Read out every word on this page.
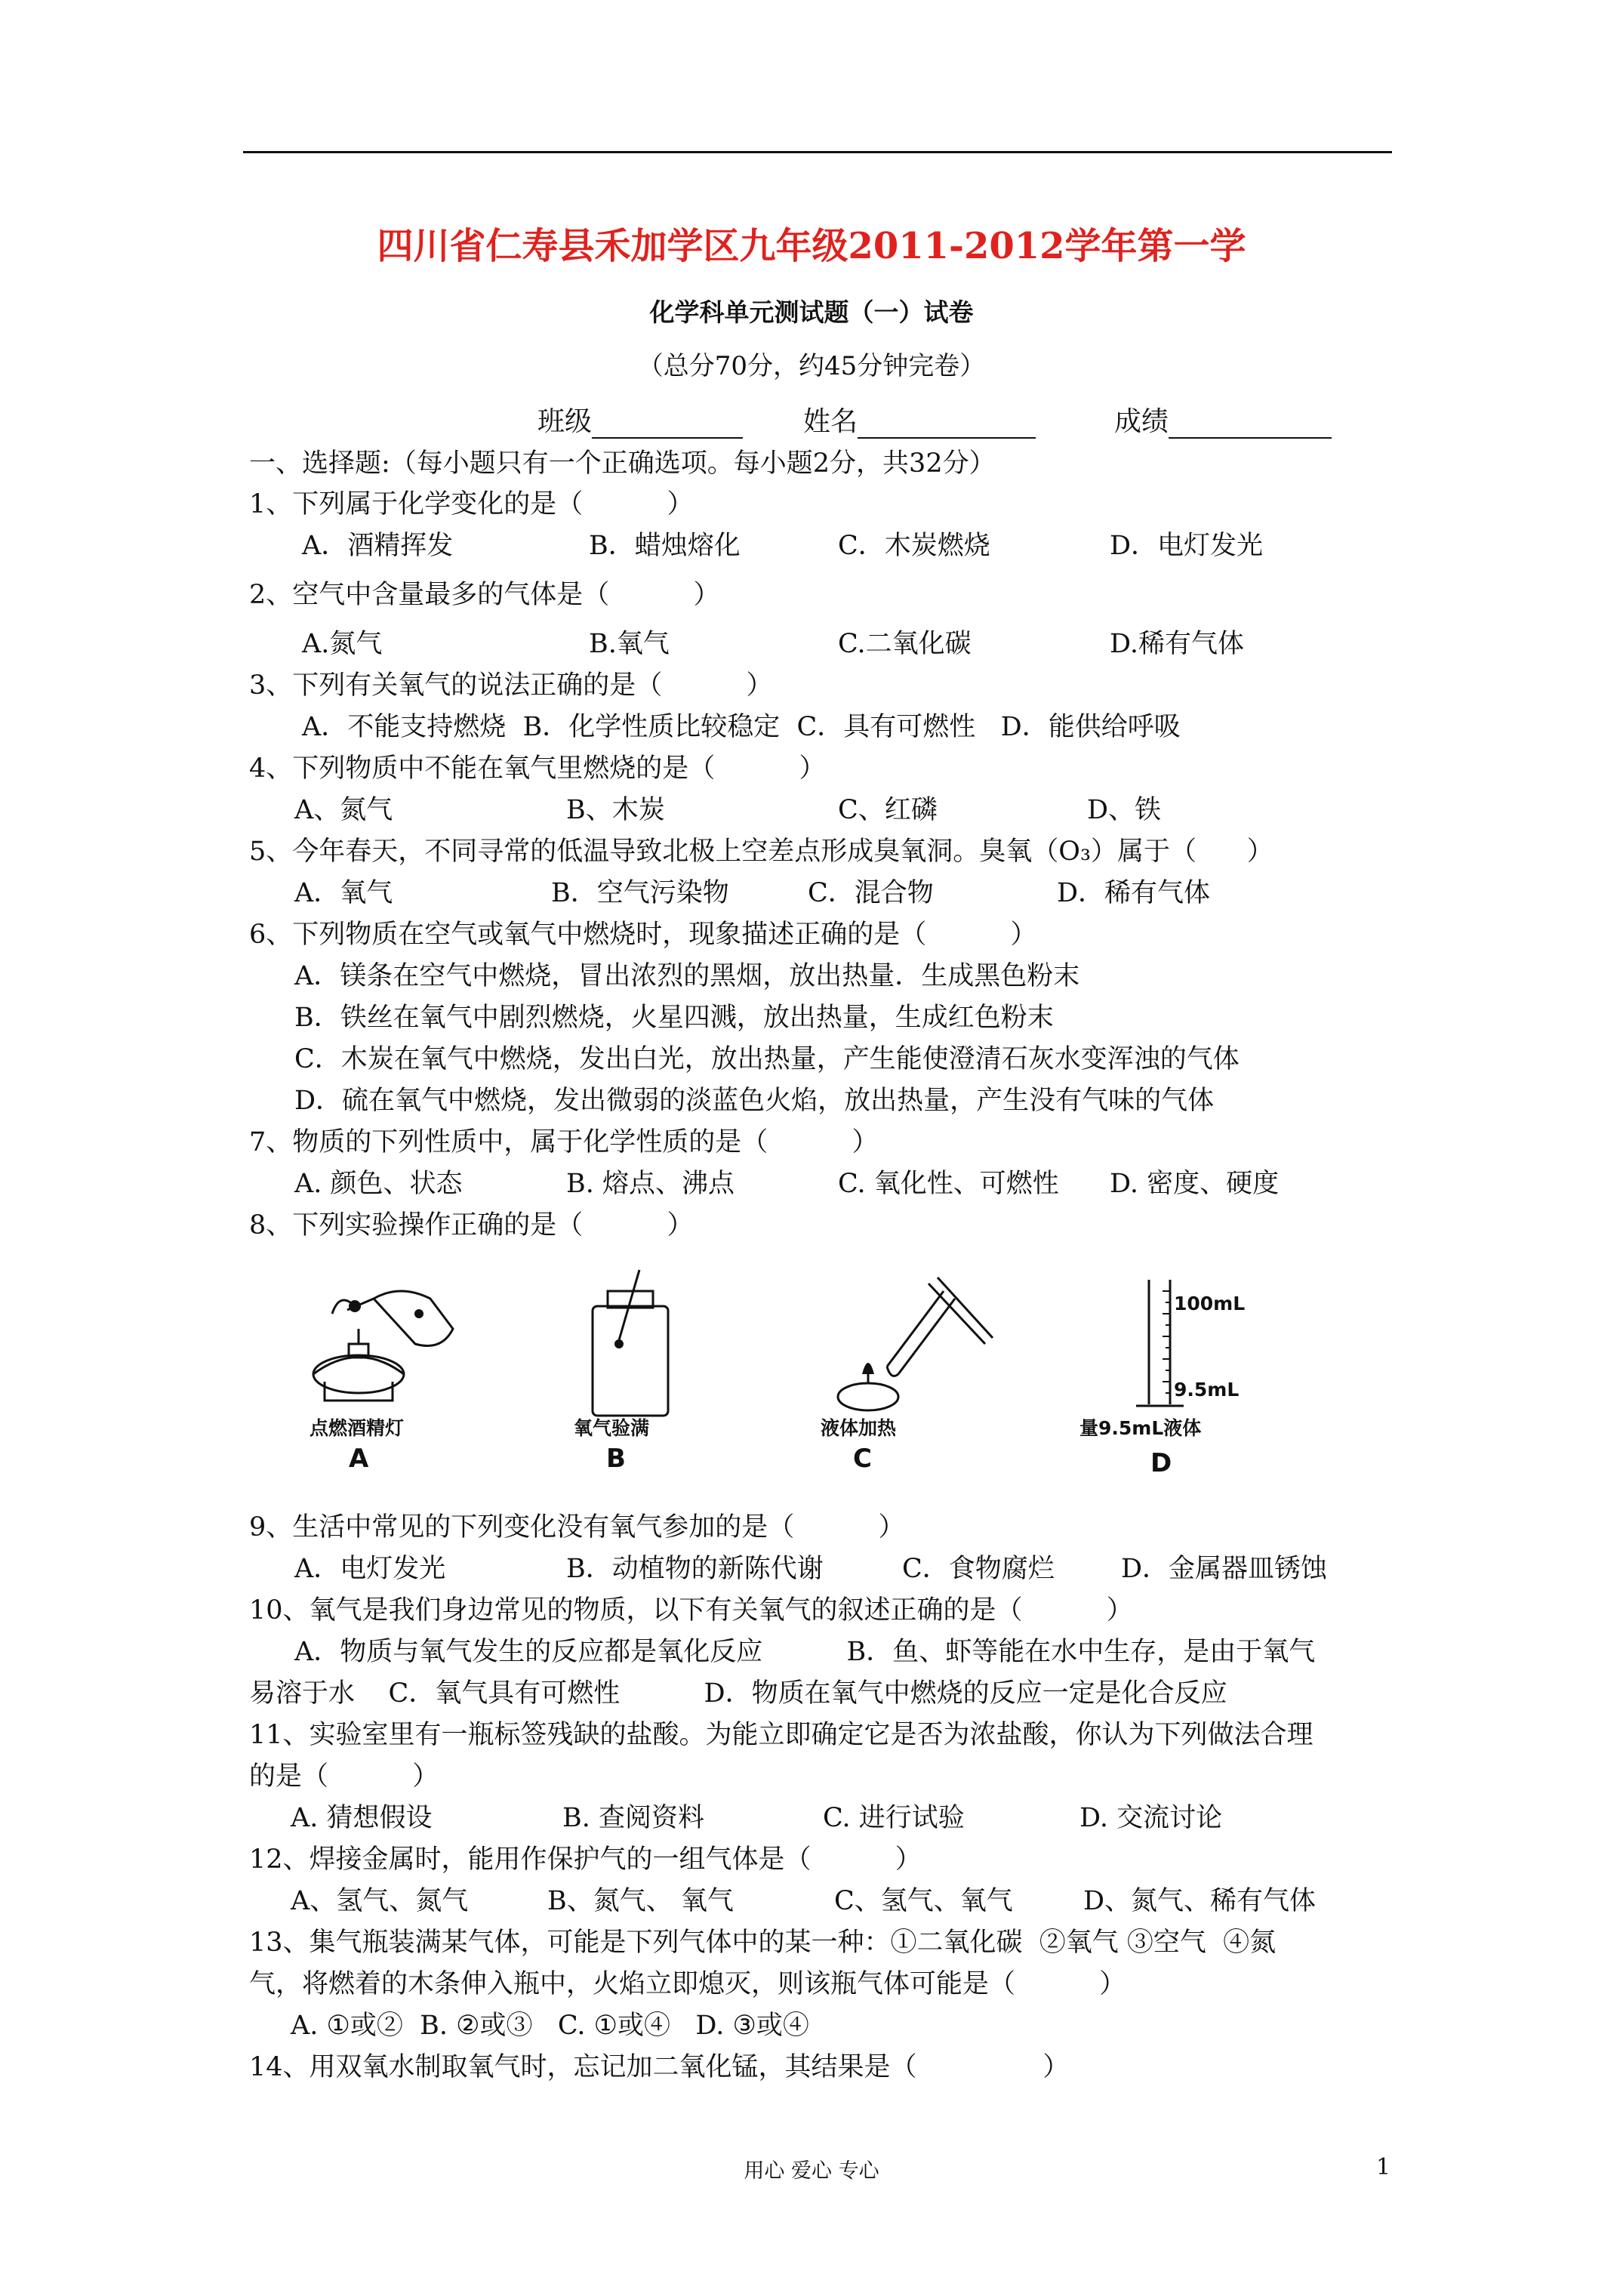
四川省仁寿县禾加学区九年级2011-2012学年第一学
化学科单元测试题（一）试卷
（总分70分，约45分钟完卷）
班级	姓名	成绩
一、选择题:（每小题只有一个正确选项。每小题2分，共32分）
1、下列属于化学变化的是（          ）
A．酒精挥发	B．蜡烛熔化	C．木炭燃烧	D．电灯发光
2、空气中含量最多的气体是（          ）
A.氮气	B.氧气	C.二氧化碳	D.稀有气体
3、下列有关氧气的说法正确的是（          ）
A．不能支持燃烧  B．化学性质比较稳定  C．具有可燃性   D．能供给呼吸
4、下列物质中不能在氧气里燃烧的是（          ）
A、氮气	B、木炭	C、红磷	D、铁
5、今年春天，不同寻常的低温导致北极上空差点形成臭氧洞。臭氧（O₃）属于（      ）
A．氧气	B．空气污染物	C．混合物	D．稀有气体
6、下列物质在空气或氧气中燃烧时，现象描述正确的是（          ）
A．镁条在空气中燃烧，冒出浓烈的黑烟，放出热量．生成黑色粉末
B．铁丝在氧气中剧烈燃烧，火星四溅，放出热量，生成红色粉末
C．木炭在氧气中燃烧，发出白光，放出热量，产生能使澄清石灰水变浑浊的气体
D．硫在氧气中燃烧，发出微弱的淡蓝色火焰，放出热量，产生没有气味的气体
7、物质的下列性质中，属于化学性质的是（          ）
A. 颜色、状态	B. 熔点、沸点	C. 氧化性、可燃性 D. 密度、硬度
8、下列实验操作正确的是（          ）
100mL
9.5mL
点燃酒精灯	氧气验满	液体加热	量9.5mL液体
A	B	C	D
9、生活中常见的下列变化没有氧气参加的是（          ）
A．电灯发光	B．动植物的新陈代谢	C．食物腐烂	D．金属器皿锈蚀
10、氧气是我们身边常见的物质，以下有关氧气的叙述正确的是（          ）
A．物质与氧气发生的反应都是氧化反应          B．鱼、虾等能在水中生存，是由于氧气
易溶于水    C．氧气具有可燃性          D．物质在氧气中燃烧的反应一定是化合反应
11、实验室里有一瓶标签残缺的盐酸。为能立即确定它是否为浓盐酸，你认为下列做法合理
的是（          ）
A. 猜想假设	B. 查阅资料	C. 进行试验	D. 交流讨论
12、焊接金属时，能用作保护气的一组气体是（          ）
A、氢气、氮气	B、氮气、 氧气	C、氢气、氧气	D、氮气、稀有气体
13、集气瓶装满某气体，可能是下列气体中的某一种：①二氧化碳  ②氧气 ③空气  ④氮
气，将燃着的木条伸入瓶中，火焰立即熄灭，则该瓶气体可能是（          ）
A. ①或②  B. ②或③   C. ①或④   D. ③或④
14、用双氧水制取氧气时，忘记加二氧化锰，其结果是（               ）
用心 爱心 专心	1
